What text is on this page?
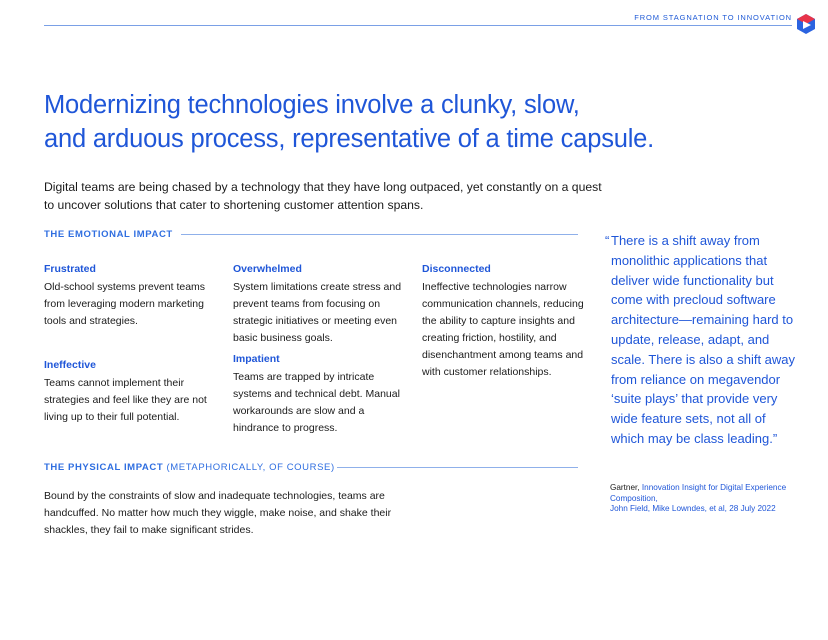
FROM STAGNATION TO INNOVATION
Modernizing technologies involve a clunky, slow,
and arduous process, representative of a time capsule.

Digital teams are being chased by a technology that they have long outpaced, yet constantly on a quest to uncover solutions that cater to shortening customer attention spans.

THE EMOTIONAL IMPACT
Frustrated
Old-school systems prevent teams from leveraging modern marketing tools and strategies.
Ineffective
Teams cannot implement their strategies and feel like they are not living up to their full potential.
Overwhelmed
System limitations create stress and prevent teams from focusing on strategic initiatives or meeting even basic business goals.
Impatient
Teams are trapped by intricate systems and technical debt. Manual workarounds are slow and a hindrance to progress.
Disconnected
Ineffective technologies narrow communication channels, reducing the ability to capture insights and creating friction, hostility, and disenchantment among teams and with customer relationships.
THE PHYSICAL IMPACT
(METAPHORICALLY, OF COURSE)

Bound by the constraints of slow and inadequate technologies, teams are handcuffed. No matter how much they wiggle, make noise, and shake their shackles, they fail to make significant strides.

“ There is a shift away from monolithic applications that deliver wide functionality but come with precloud software architecture—remaining hard to update, release, adapt, and scale. There is also a shift away from reliance on megavendor ‘suite plays’ that provide very wide feature sets, not all of which may be class leading.”

Gartner, Innovation Insight for Digital Experience Composition,
John Field, Mike Lowndes, et al, 28 July 2022
